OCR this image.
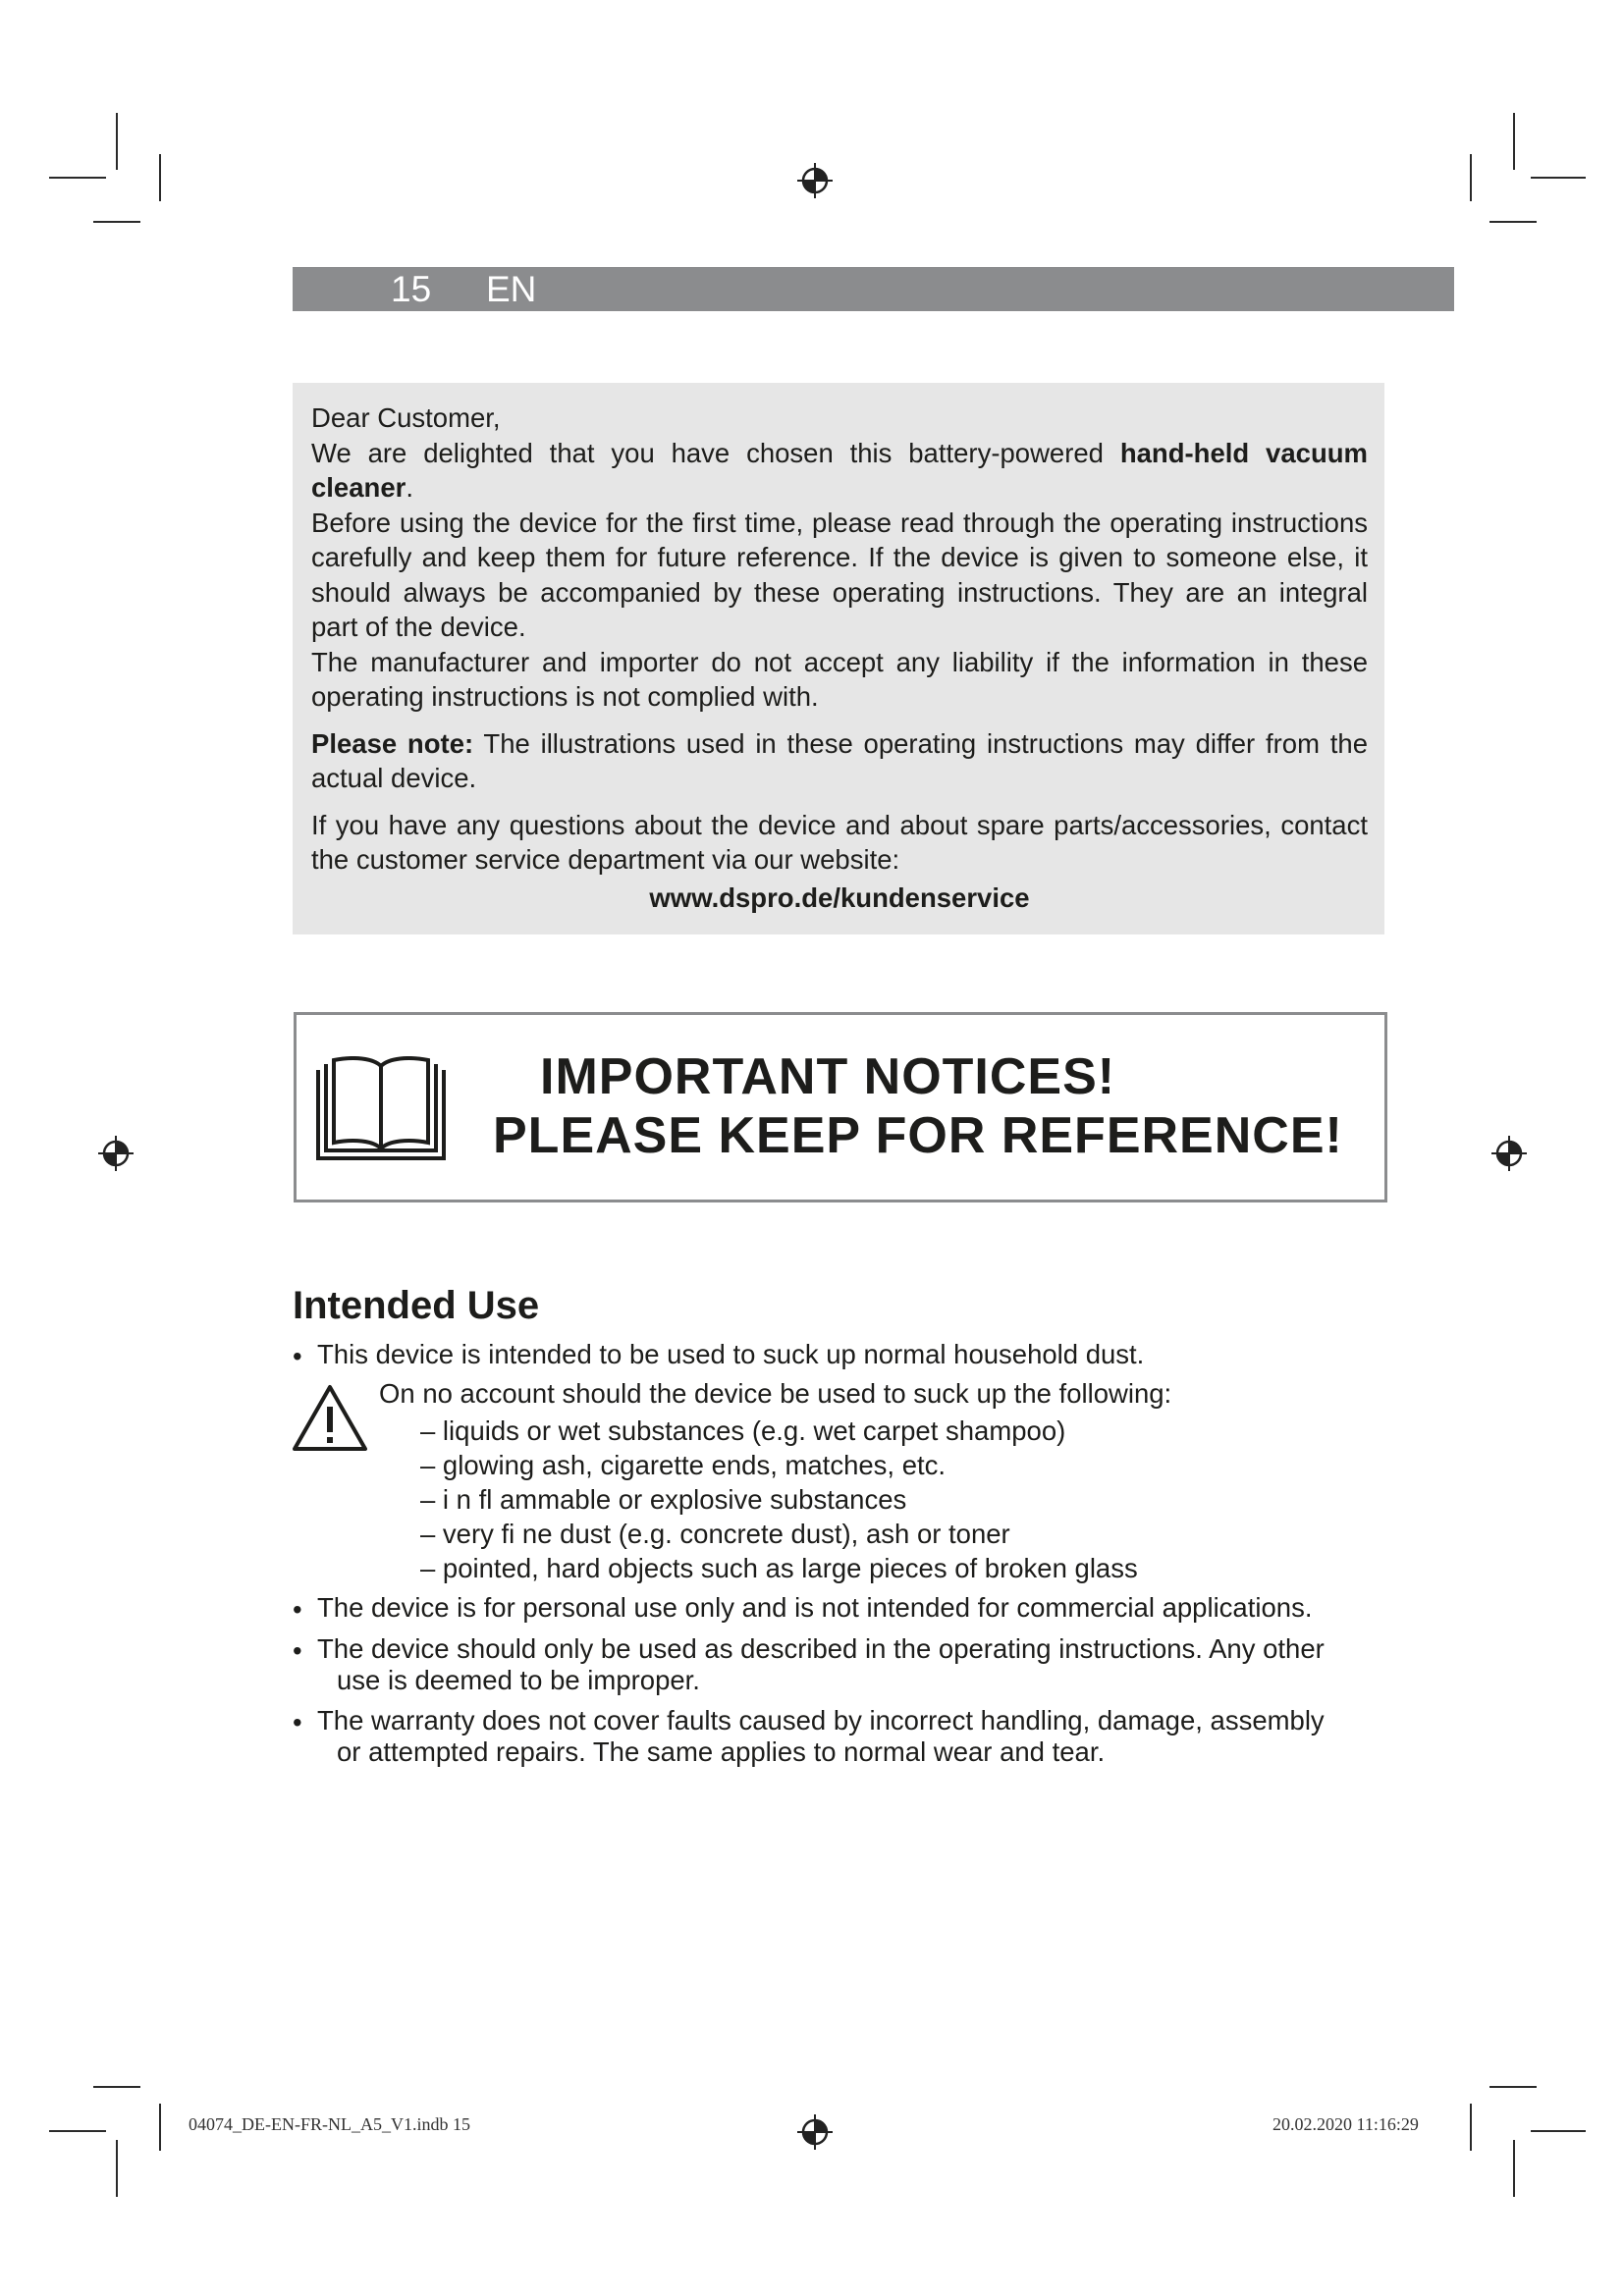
15 EN

Dear Customer,

We are delighted that you have chosen this battery-powered hand-held vacuum cleaner.

Before using the device for the first time, please read through the operating instructions carefully and keep them for future reference. If the device is given to someone else, it should always be accompanied by these operating instructions. They are an integral part of the device.

The manufacturer and importer do not accept any liability if the information in these operating instructions is not complied with.

Please note: The illustrations used in these operating instructions may differ from the actual device.

If you have any questions about the device and about spare parts/accessories, contact the customer service department via our website:

www.dspro.de/kundenservice

IMPORTANT NOTICES!
PLEASE KEEP FOR REFERENCE!
Intended Use
• This device is intended to be used to suck up normal household dust.
On no account should the device be used to suck up the following:
– liquids or wet substances (e.g. wet carpet shampoo)
– glowing ash, cigarette ends, matches, etc.
– i n fl ammable or explosive substances
– very fi ne dust (e.g. concrete dust), ash or toner
– pointed, hard objects such as large pieces of broken glass
• The device is for personal use only and is not intended for commercial applications.
• The device should only be used as described in the operating instructions. Any other
use is deemed to be improper.
• The warranty does not cover faults caused by incorrect handling, damage, assembly
or attempted repairs. The same applies to normal wear and tear.
04074_DE-EN-FR-NL_A5_V1.indb 15	20.02.2020 11:16:29
